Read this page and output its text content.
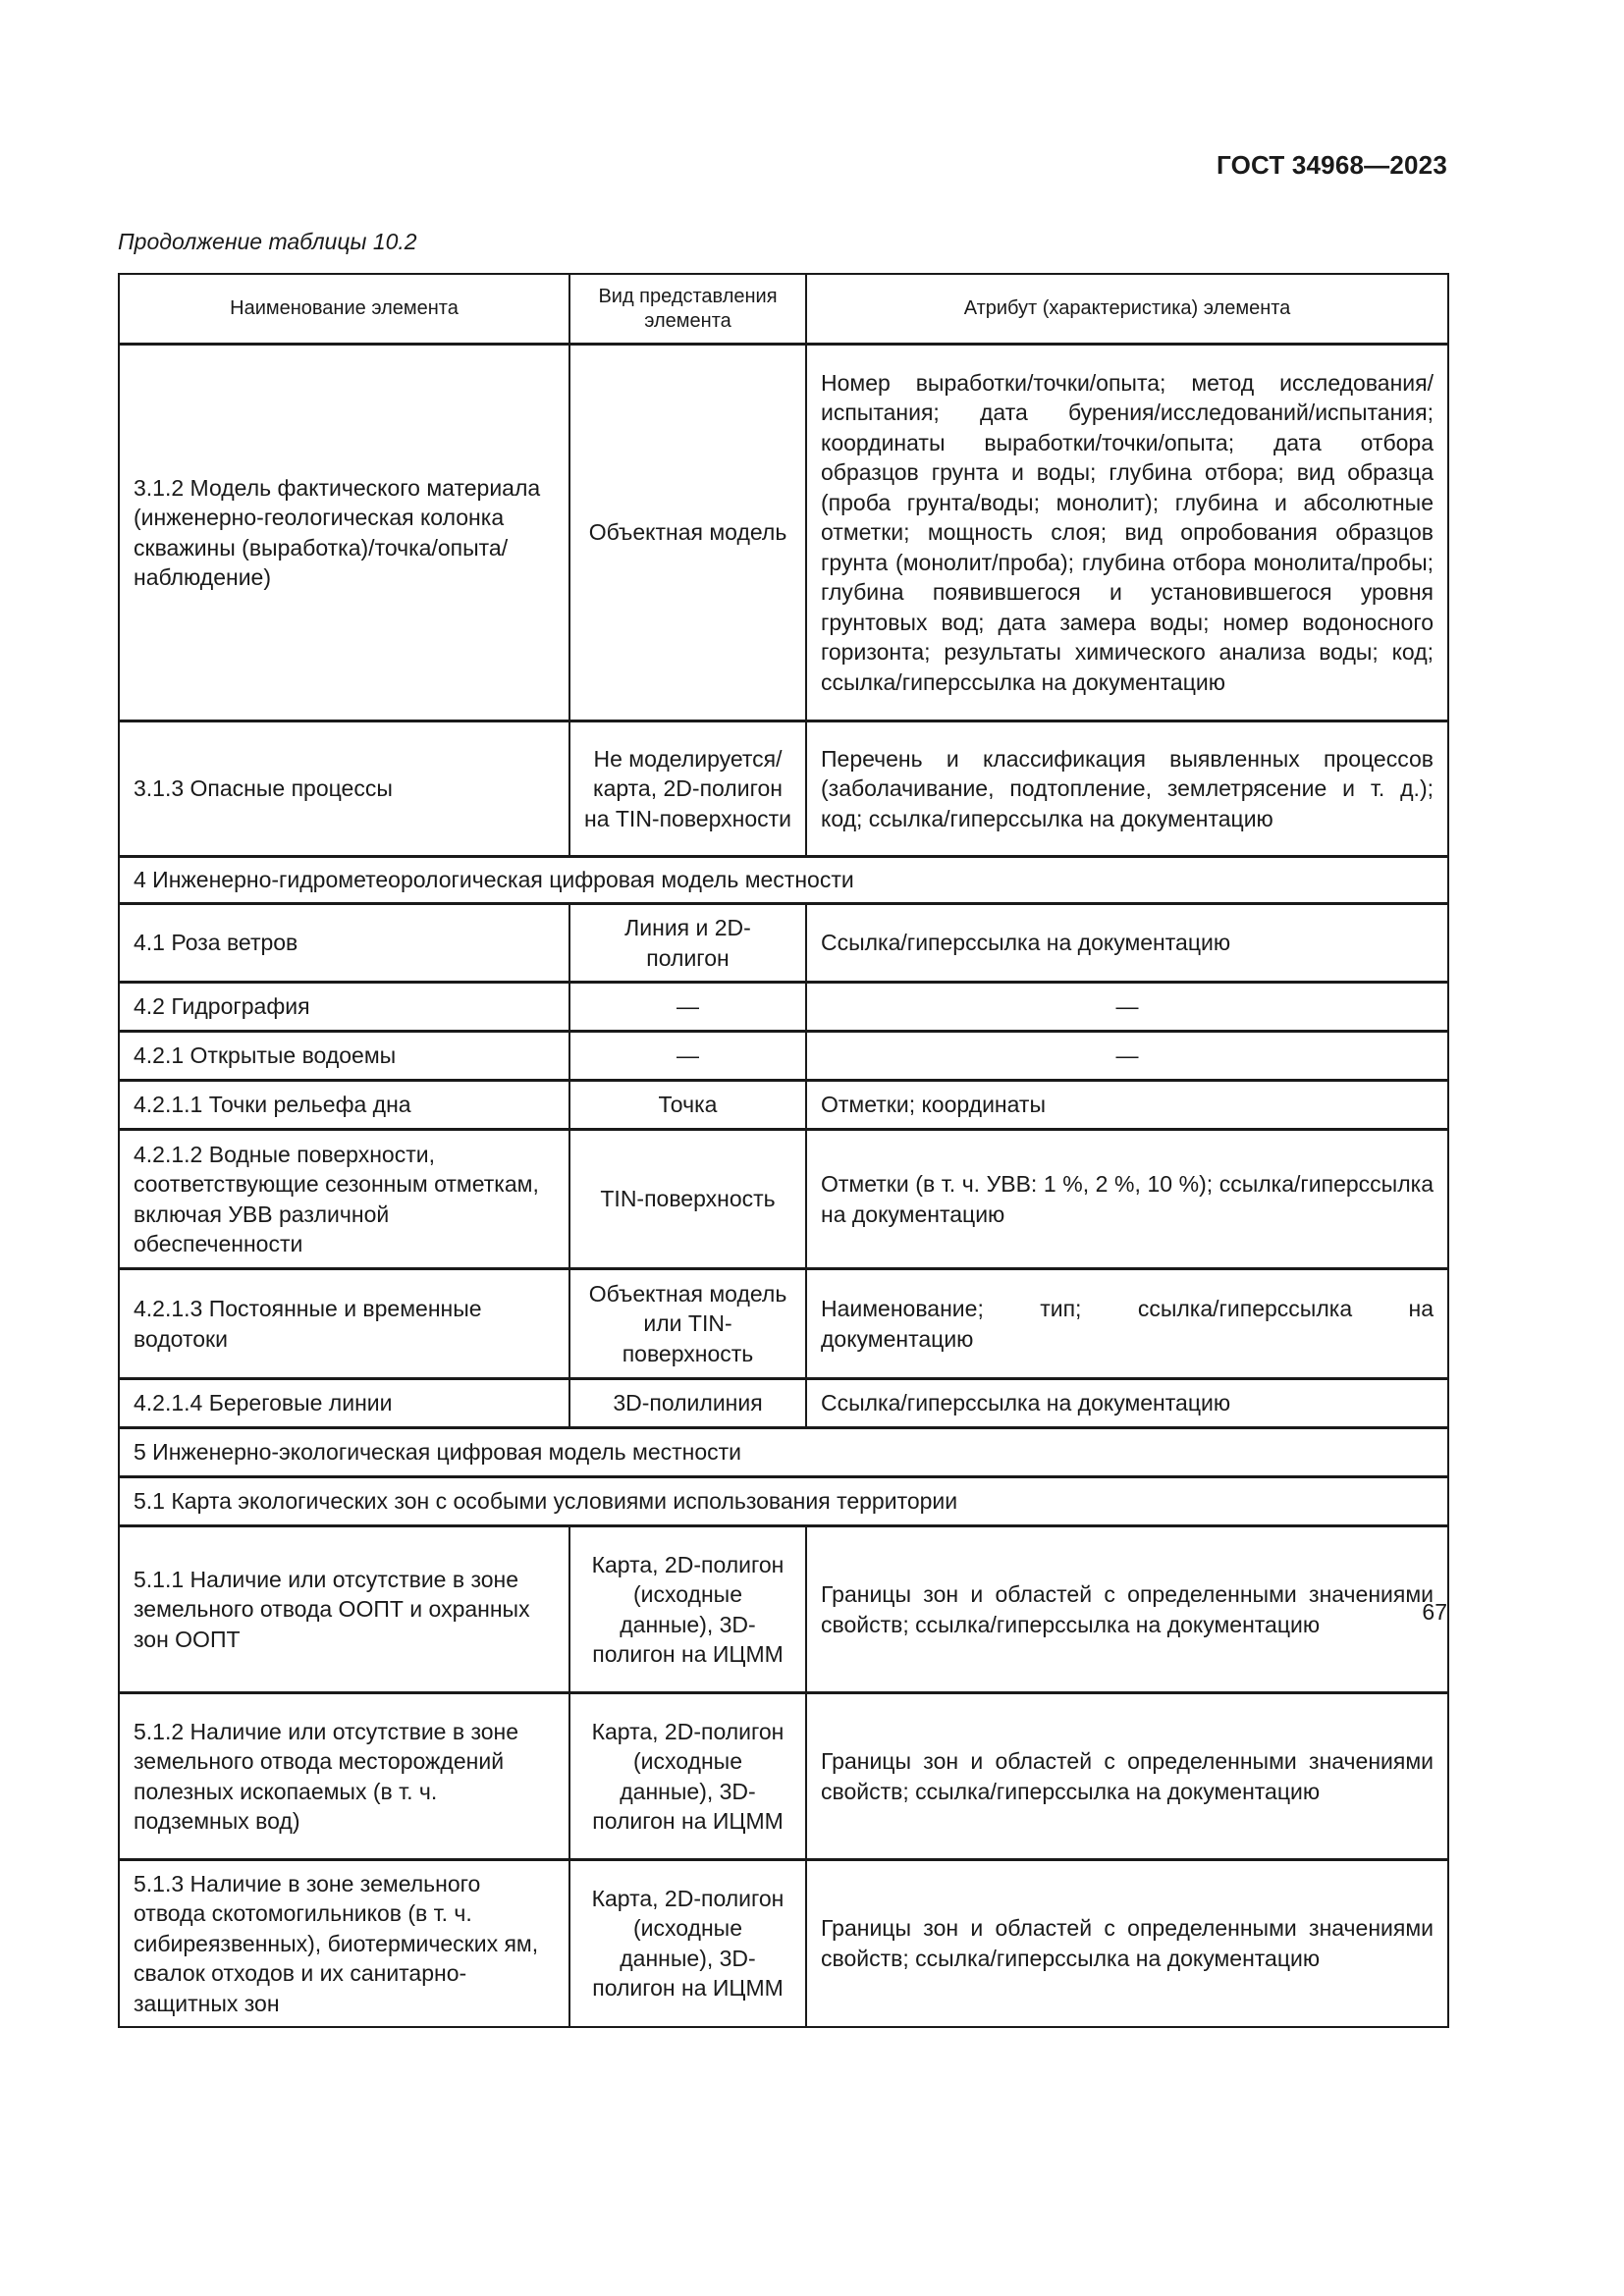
ГОСТ 34968—2023
Продолжение таблицы 10.2
Наименование элемента	Вид представления элемента	Атрибут (характеристика) элемента
3.1.2 Модель фактического материала (инженерно-геологическая колонка скважины (выработка)/точка/опыта/наблюдение)	Объектная модель	Номер выработки/точки/опыта; метод исследования/испытания; дата бурения/исследований/испытания; координаты выработки/точки/опыта; дата отбора образцов грунта и воды; глубина отбора; вид образца (проба грунта/воды; монолит); глубина и абсолютные отметки; мощность слоя; вид опробования образцов грунта (монолит/проба); глубина отбора монолита/пробы; глубина появившегося и установившегося уровня грунтовых вод; дата замера воды; номер водоносного горизонта; результаты химического анализа воды; код; ссылка/гиперссылка на документацию
3.1.3 Опасные процессы	Не моделируется/ карта, 2D-полигон на TIN-поверхности	Перечень и классификация выявленных процессов (заболачивание, подтопление, землетрясение и т. д.); код; ссылка/гиперссылка на документацию
4 Инженерно-гидрометеорологическая цифровая модель местности		
4.1 Роза ветров	Линия и 2D-полигон	Ссылка/гиперссылка на документацию
4.2 Гидрография	—	—
4.2.1 Открытые водоемы	—	—
4.2.1.1 Точки рельефа дна	Точка	Отметки; координаты
4.2.1.2 Водные поверхности, соответствующие сезонным отметкам, включая УВВ различной обеспеченности	TIN-поверхность	Отметки (в т. ч. УВВ: 1 %, 2 %, 10 %); ссылка/гиперссылка на документацию
4.2.1.3 Постоянные и временные водотоки	Объектная модель или TIN-поверхность	Наименование; тип; ссылка/гиперссылка на документацию
4.2.1.4 Береговые линии	3D-полилиния	Ссылка/гиперссылка на документацию
5 Инженерно-экологическая цифровая модель местности		
5.1 Карта экологических зон с особыми условиями использования территории		
5.1.1 Наличие или отсутствие в зоне земельного отвода ООПТ и охранных зон ООПТ	Карта, 2D-полигон (исходные данные), 3D-полигон на ИЦММ	Границы зон и областей с определенными значениями свойств; ссылка/гиперссылка на документацию
5.1.2 Наличие или отсутствие в зоне земельного отвода месторождений полезных ископаемых (в т. ч. подземных вод)	Карта, 2D-полигон (исходные данные), 3D-полигон на ИЦММ	Границы зон и областей с определенными значениями свойств; ссылка/гиперссылка на документацию
5.1.3 Наличие в зоне земельного отвода скотомогильников (в т. ч. сибиреязвенных), биотермических ям, свалок отходов и их санитарно-защитных зон	Карта, 2D-полигон (исходные данные), 3D-полигон на ИЦММ	Границы зон и областей с определенными значениями свойств; ссылка/гиперссылка на документацию
67
